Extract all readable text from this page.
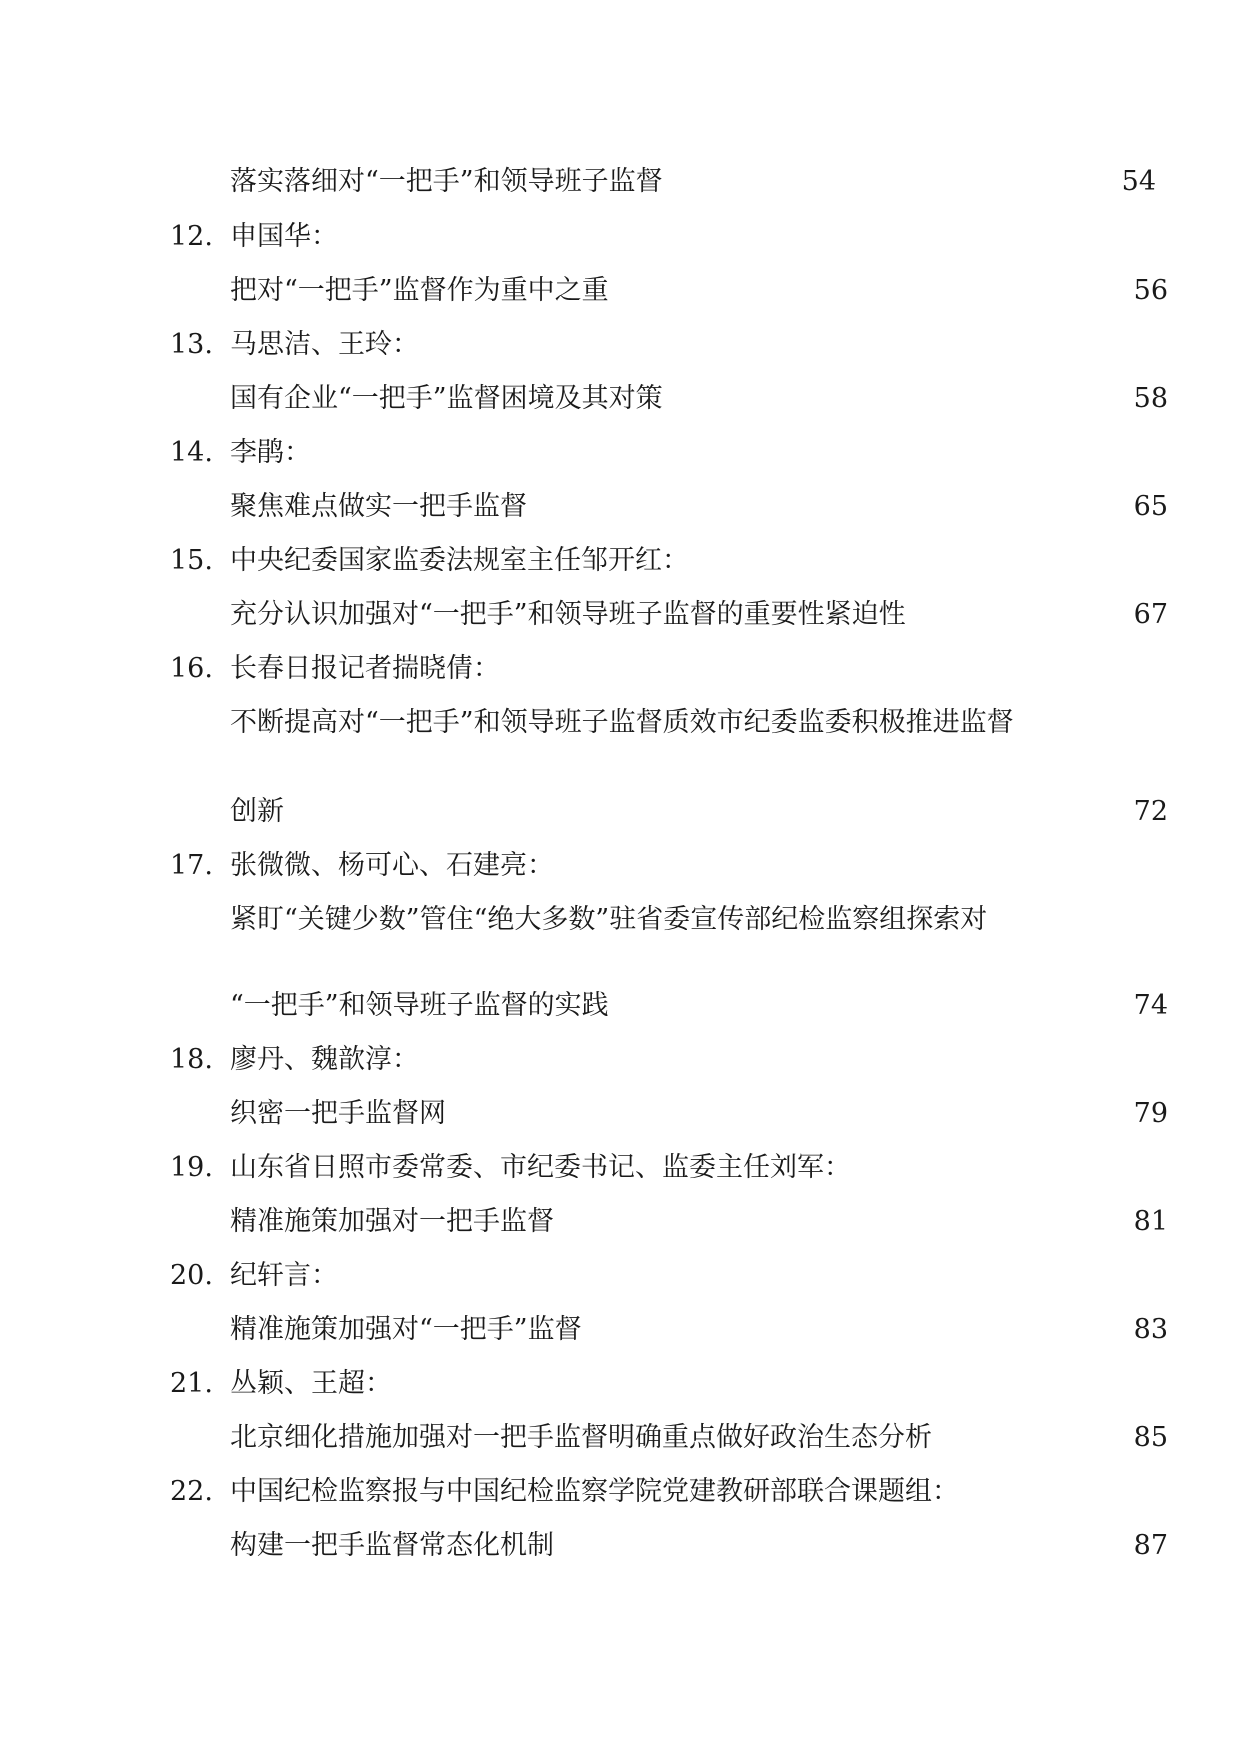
落实落细对“一把手”和领导班子监督	54
12. 申国华：
把对“一把手”监督作为重中之重	56
13. 马思洁、王玲：
国有企业“一把手”监督困境及其对策	58
14. 李鹃：
聚焦难点做实一把手监督	65
15. 中央纪委国家监委法规室主任邹开红：
充分认识加强对“一把手”和领导班子监督的重要性紧迫性	67
16. 长春日报记者揣晓倩：
不断提高对“一把手”和领导班子监督质效市纪委监委积极推进监督
创新	72
17. 张微微、杨可心、石建亮：
紧盯“关键少数”管住“绝大多数”驻省委宣传部纪检监察组探索对
“一把手”和领导班子监督的实践	74
18. 廖丹、魏歆淳：
织密一把手监督网	79
19. 山东省日照市委常委、市纪委书记、监委主任刘军：
精准施策加强对一把手监督	81
20. 纪轩言：
精准施策加强对“一把手”监督	83
21. 丛颖、王超：
北京细化措施加强对一把手监督明确重点做好政治生态分析	85
22. 中国纪检监察报与中国纪检监察学院党建教研部联合课题组：
构建一把手监督常态化机制	87
